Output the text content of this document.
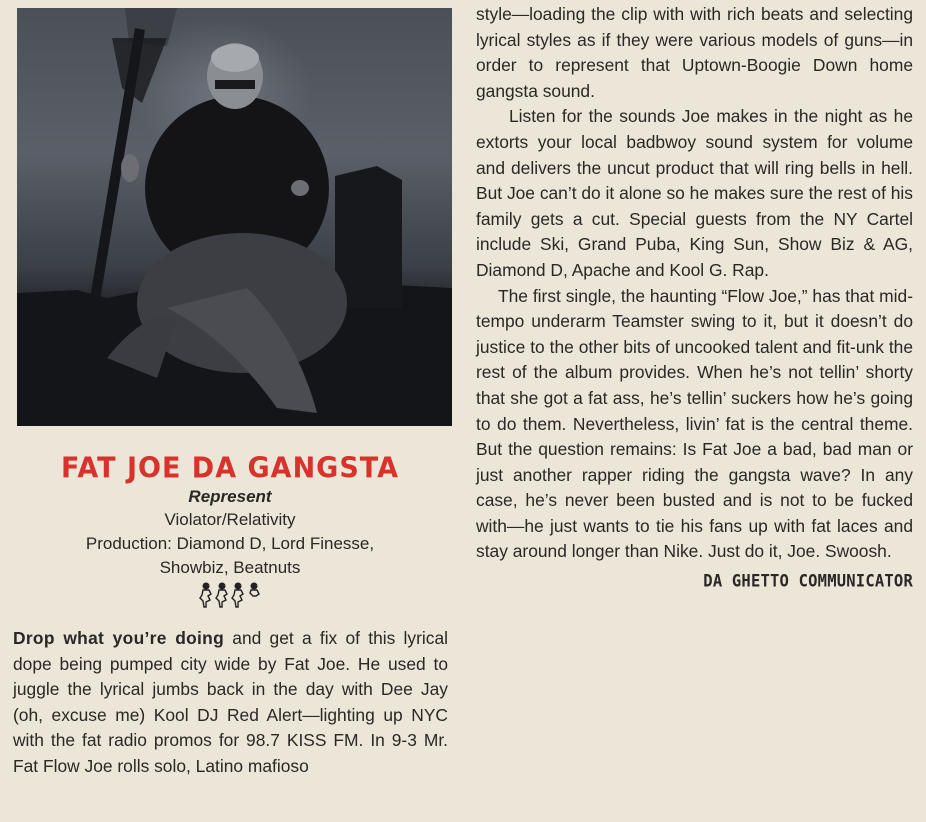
FAT JOE DA GANGSTA
Represent
Violator/Relativity
Production: Diamond D, Lord Finesse,
Showbiz, Beatnuts

Drop what you’re doing and get a fix of this lyrical dope being pumped city wide by Fat Joe. He used to juggle the lyrical jumbs back in the day with Dee Jay (oh, excuse me) Kool DJ Red Alert—lighting up NYC with the fat radio promos for 98.7 KISS FM. In 9-3 Mr. Fat Flow Joe rolls solo, Latino mafioso

style—loading the clip with with rich beats and selecting lyrical styles as if they were various models of guns—in order to represent that Uptown-Boogie Down home gangsta sound.

Listen for the sounds Joe makes in the night as he extorts your local badbwoy sound system for volume and delivers the uncut product that will ring bells in hell. But Joe can’t do it alone so he makes sure the rest of his family gets a cut. Special guests from the NY Cartel include Ski, Grand Puba, King Sun, Show Biz & AG, Diamond D, Apache and Kool G. Rap.

The first single, the haunting “Flow Joe,” has that mid-tempo underarm Teamster swing to it, but it doesn’t do justice to the other bits of uncooked talent and fit-unk the rest of the album provides. When he’s not tellin’ shorty that she got a fat ass, he’s tellin’ suckers how he’s going to do them. Nevertheless, livin’ fat is the central theme. But the question remains: Is Fat Joe a bad, bad man or just another rapper riding the gangsta wave? In any case, he’s never been busted and is not to be fucked with—he just wants to tie his fans up with fat laces and stay around longer than Nike. Just do it, Joe. Swoosh.

DA GHETTO COMMUNICATOR
